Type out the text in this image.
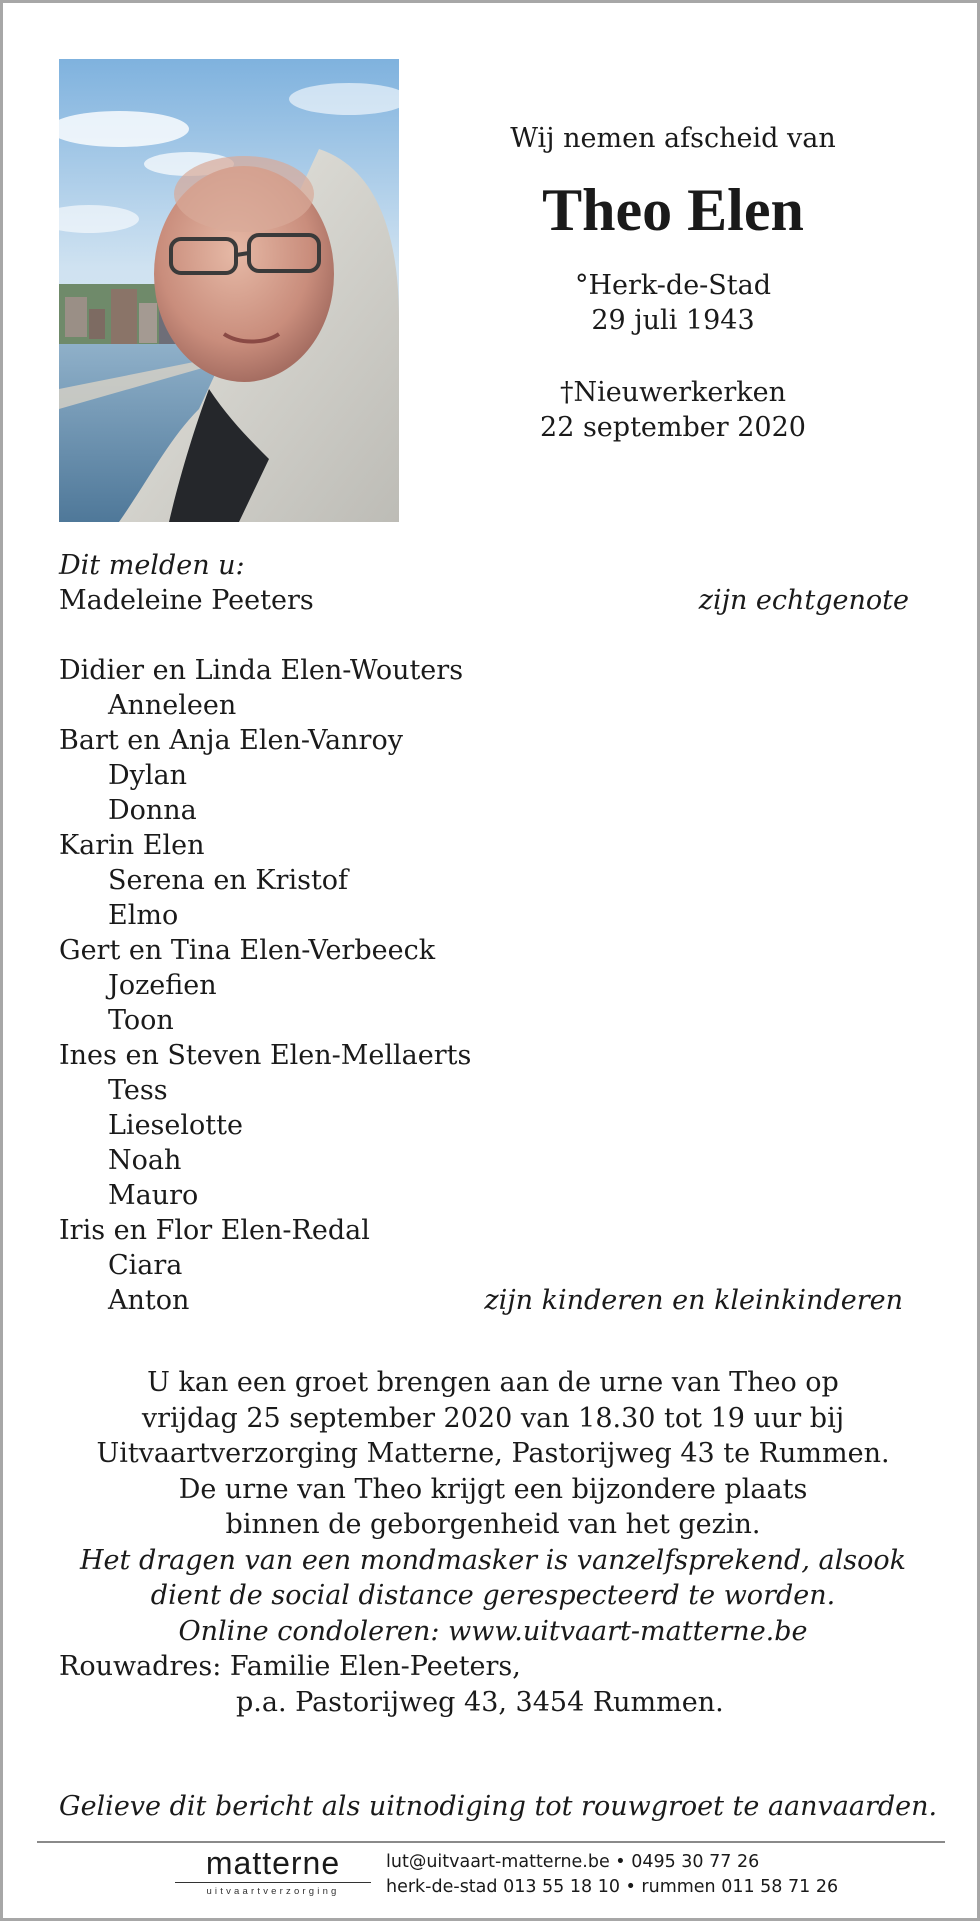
Wij nemen afscheid van

Theo Elen

°Herk-de-Stad

29 juli 1943

†Nieuwerkerken

22 september 2020

Dit melden u:
Madeleine Peeters	zijn echtgenote
Didier en Linda Elen-Wouters
Anneleen
Bart en Anja Elen-Vanroy
Dylan
Donna
Karin Elen
Serena en Kristof
Elmo
Gert en Tina Elen-Verbeeck
Jozefien
Toon
Ines en Steven Elen-Mellaerts
Tess
Lieselotte
Noah
Mauro
Iris en Flor Elen-Redal
Ciara
Anton	zijn kinderen en kleinkinderen

U kan een groet brengen aan de urne van Theo op

vrijdag 25 september 2020 van 18.30 tot 19 uur bij

Uitvaartverzorging Matterne, Pastorijweg 43 te Rummen.

De urne van Theo krijgt een bijzondere plaats

binnen de geborgenheid van het gezin.

Het dragen van een mondmasker is vanzelfsprekend, alsook

dient de social distance gerespecteerd te worden.

Online condoleren: www.uitvaart-matterne.be

Rouwadres: Familie Elen-Peeters,

p.a. Pastorijweg 43, 3454 Rummen.

Gelieve dit bericht als uitnodiging tot rouwgroet te aanvaarden.
matterne
uitvaartverzorging

lut@uitvaart-matterne.be • 0495 30 77 26

herk-de-stad 013 55 18 10 • rummen 011 58 71 26
